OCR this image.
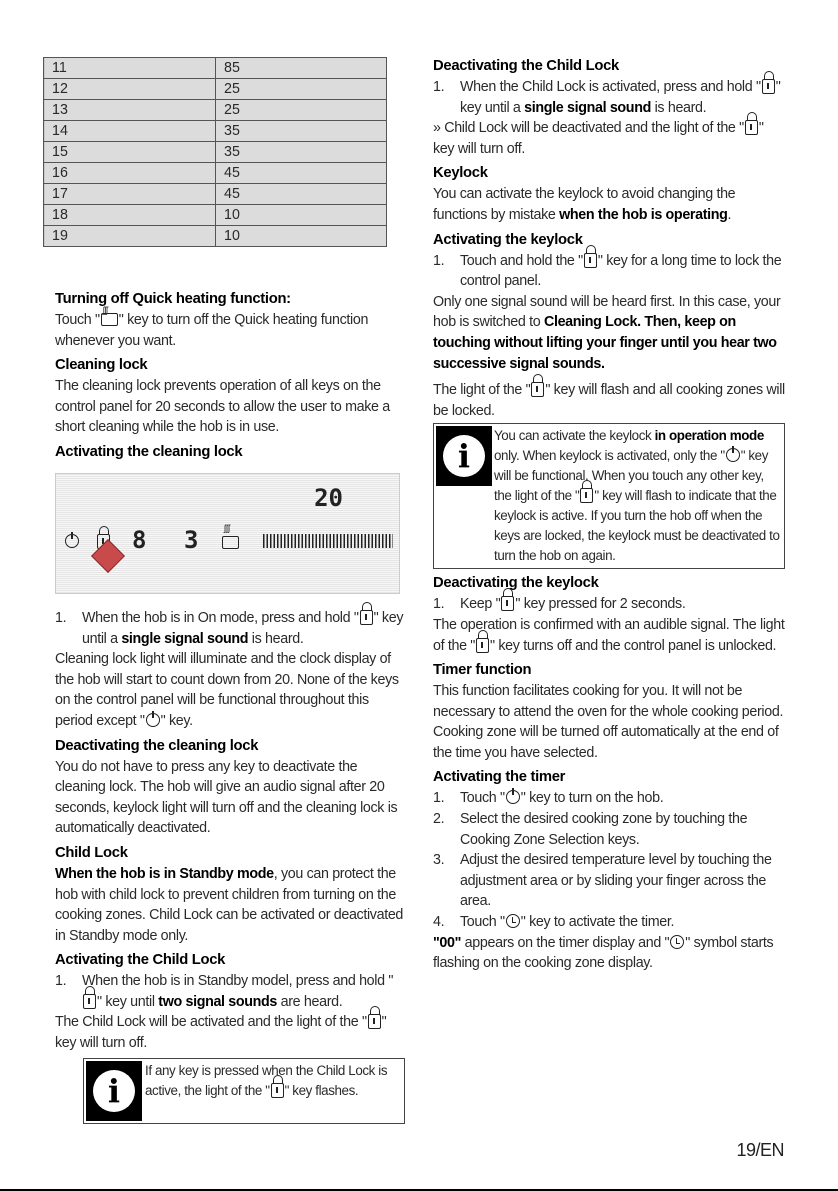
11	85
12	25
13	25
14	35
15	35
16	45
17	45
18	10
19	10
Turning off Quick heating function:

Touch " ʃʃʃ " key to turn off the Quick heating function whenever you want.

Cleaning lock

The cleaning lock prevents operation of all keys on the control panel for 20 seconds to allow the user to make a short cleaning while the hob is in use.

Activating the cleaning lock
20
8 3
ʃʃʃ
1.	When the hob is in On mode, press and hold " " key until a single signal sound is heard.

Cleaning lock light will illuminate and the clock display of the hob will start to count down from 20. None of the keys on the control panel will be functional throughout this period except " " key.

Deactivating the cleaning lock

You do not have to press any key to deactivate the cleaning lock. The hob will give an audio signal after 20 seconds, keylock light will turn off and the cleaning lock is automatically deactivated.

Child Lock

When the hob is in Standby mode, you can protect the hob with child lock to prevent children from turning on the cooking zones. Child Lock can be activated or deactivated in Standby mode only.

Activating the Child Lock
1.	When the hob is in Standby model, press and hold "" key until two signal sounds are heard.

The Child Lock will be activated and the light of the " " key will turn off.

i

If any key is pressed when the Child Lock is active, the light of the " " key flashes.

Deactivating the Child Lock
1.	When the Child Lock is activated, press and hold " " key until a single signal sound is heard.

» Child Lock will be deactivated and the light of the " " key will turn off.

Keylock

You can activate the keylock to avoid changing the functions by mistake when the hob is operating.

Activating the keylock
1.	Touch and hold the " " key for a long time to lock the control panel.

Only one signal sound will be heard first. In this case, your hob is switched to Cleaning Lock. Then, keep on touching without lifting your finger until you hear two successive signal sounds.

The light of the " " key will flash and all cooking zones will be locked.

i

You can activate the keylock in operation mode only. When keylock is activated, only the " " key will be functional. When you touch any other key, the light of the " " key will flash to indicate that the keylock is active. If you turn the hob off when the keys are locked, the keylock must be deactivated to turn the hob on again.

Deactivating the keylock
1.	Keep " " key pressed for 2 seconds.

The operation is confirmed with an audible signal. The light of the " " key turns off and the control panel is unlocked.

Timer function

This function facilitates cooking for you. It will not be necessary to attend the oven for the whole cooking period. Cooking zone will be turned off automatically at the end of the time you have selected.

Activating the timer
1.	Touch " " key to turn on the hob.
2.	Select the desired cooking zone by touching the Cooking Zone Selection keys.
3.	Adjust the desired temperature level by touching the adjustment area or by sliding your finger across the area.
4.	Touch " " key to activate the timer.

"00" appears on the timer display and " " symbol starts flashing on the cooking zone display.

19/EN
